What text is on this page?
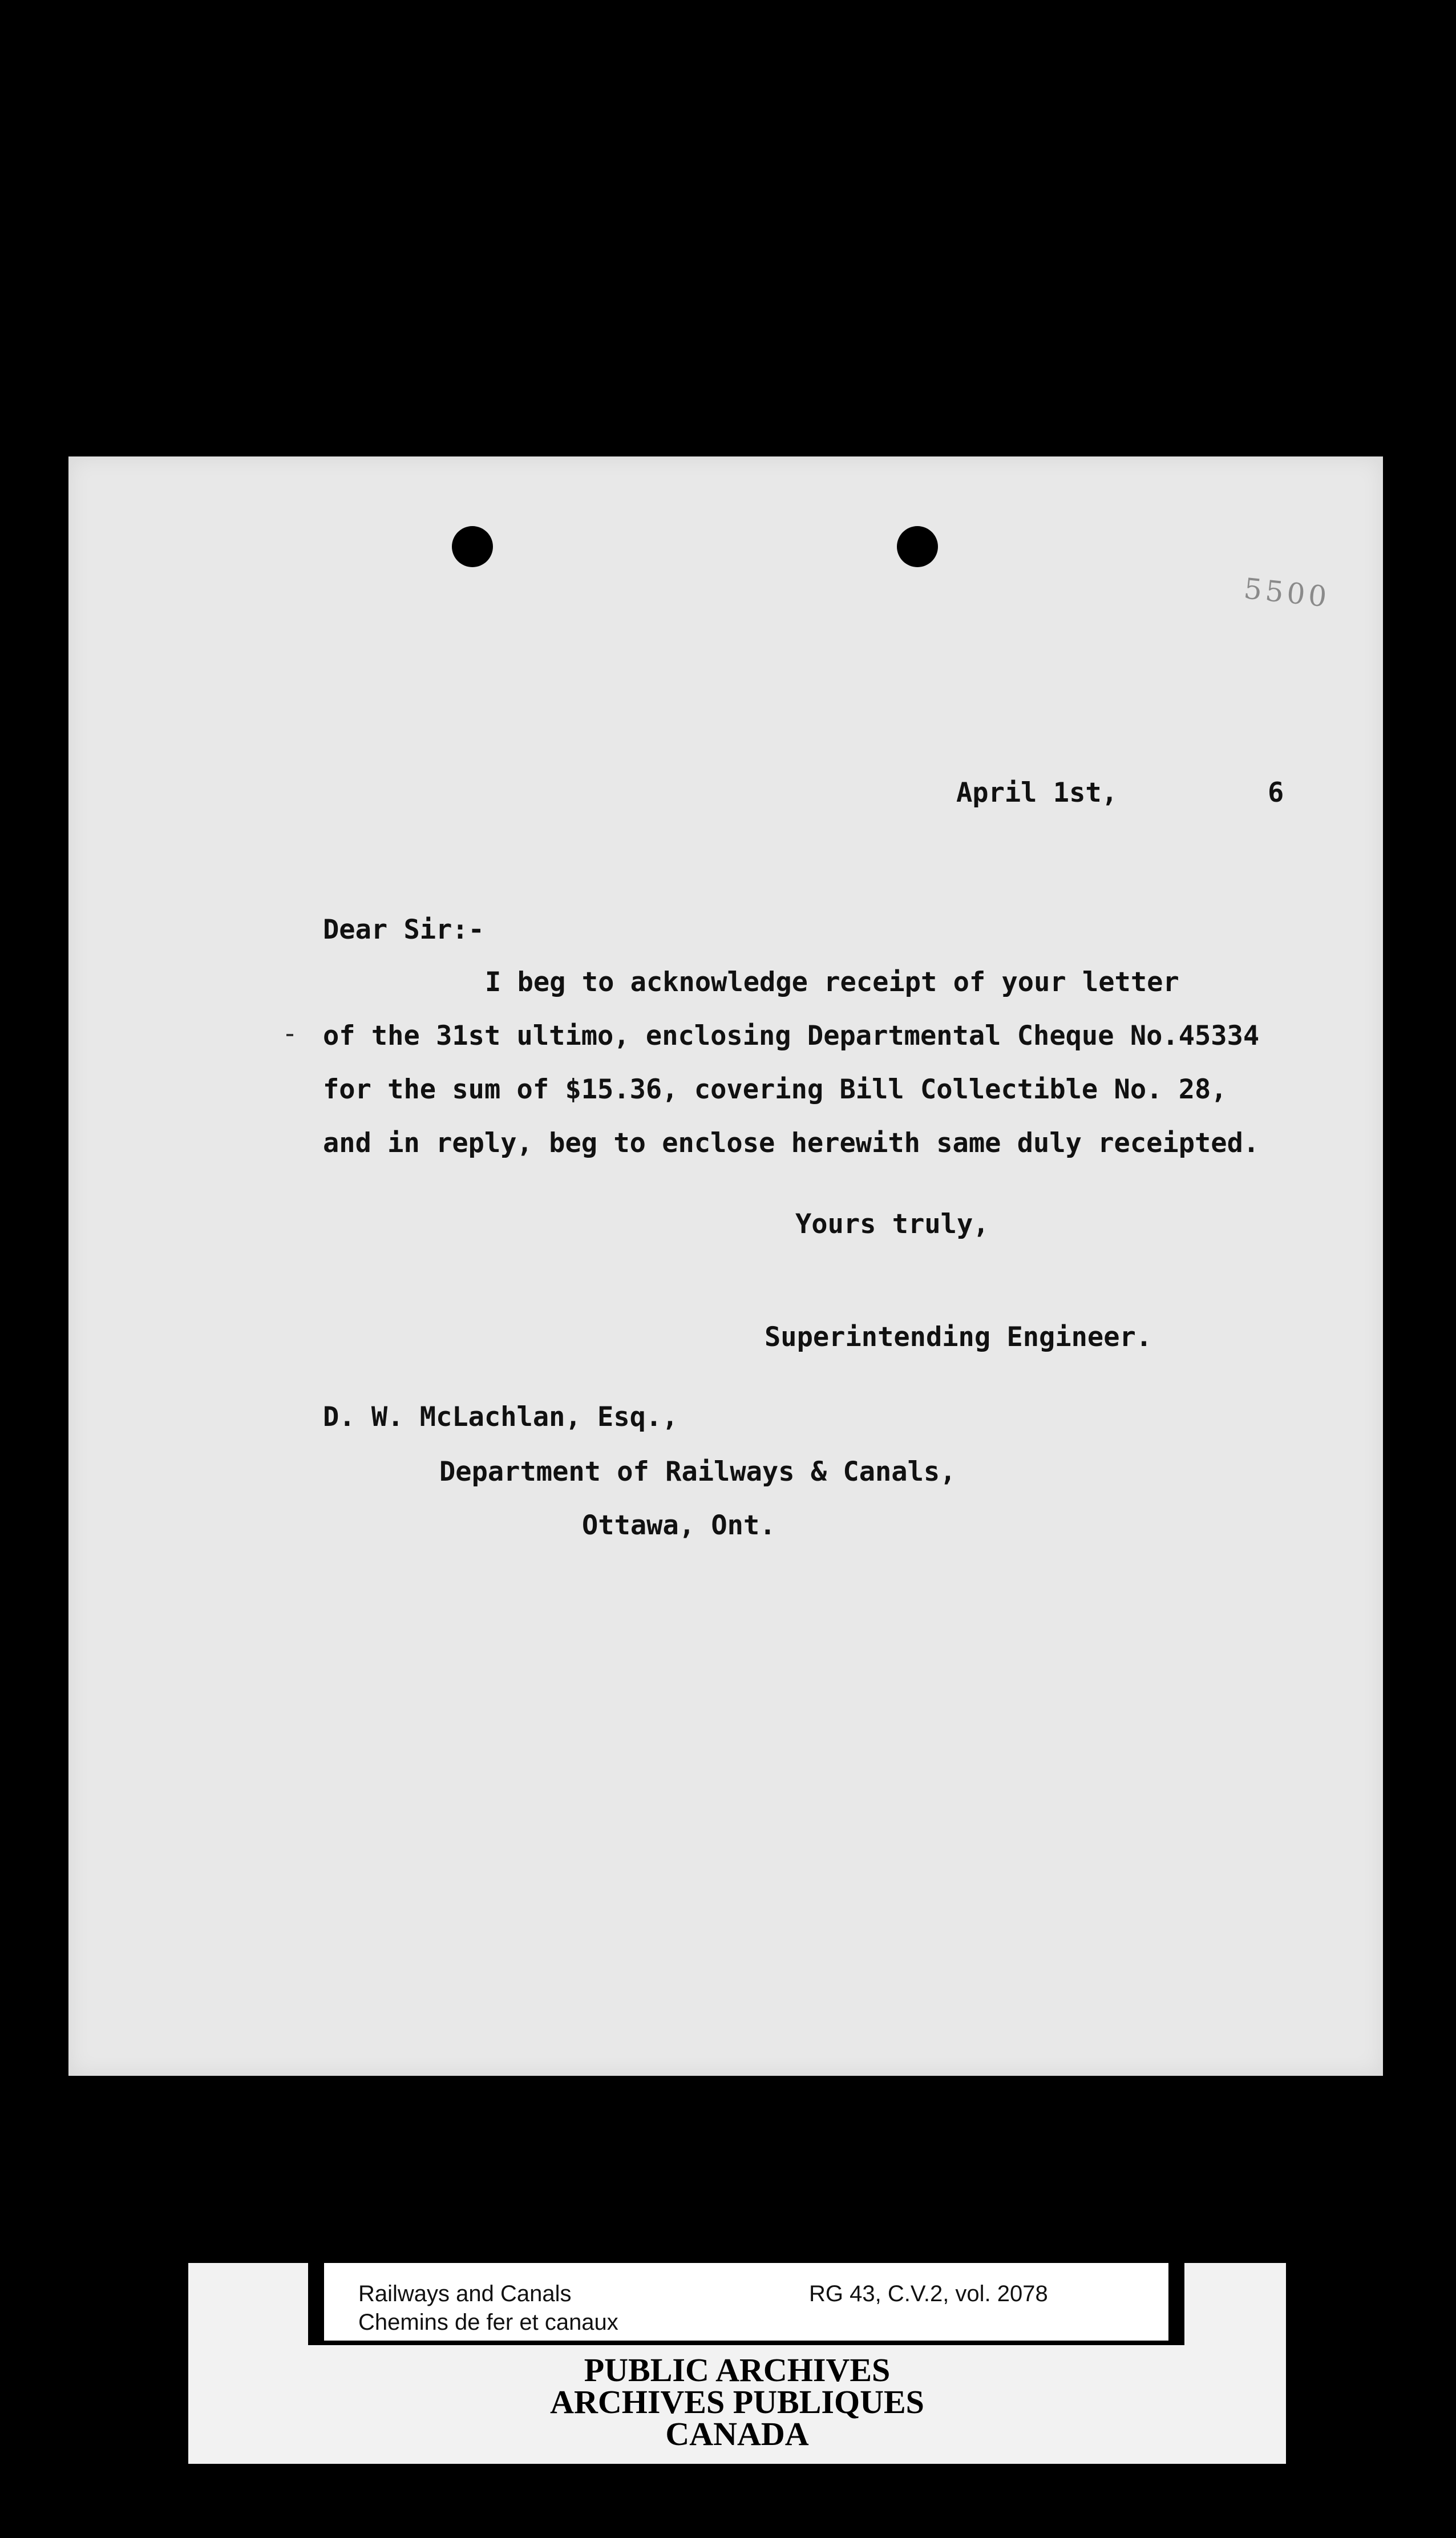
5500
April 1st,	6
Dear Sir:-
I beg to acknowledge receipt of your letter
of the 31st ultimo, enclosing Departmental Cheque No.45334
for the sum of $15.36, covering Bill Collectible No. 28,
and in reply, beg to enclose herewith same duly receipted.
Yours truly,
Superintending Engineer.
D. W. McLachlan, Esq.,
Department of Railways & Canals,
Ottawa, Ont.
Railways and Canals
Chemins de fer et canaux
RG 43, C.V.2, vol. 2078
PUBLIC ARCHIVES
ARCHIVES PUBLIQUES
CANADA
